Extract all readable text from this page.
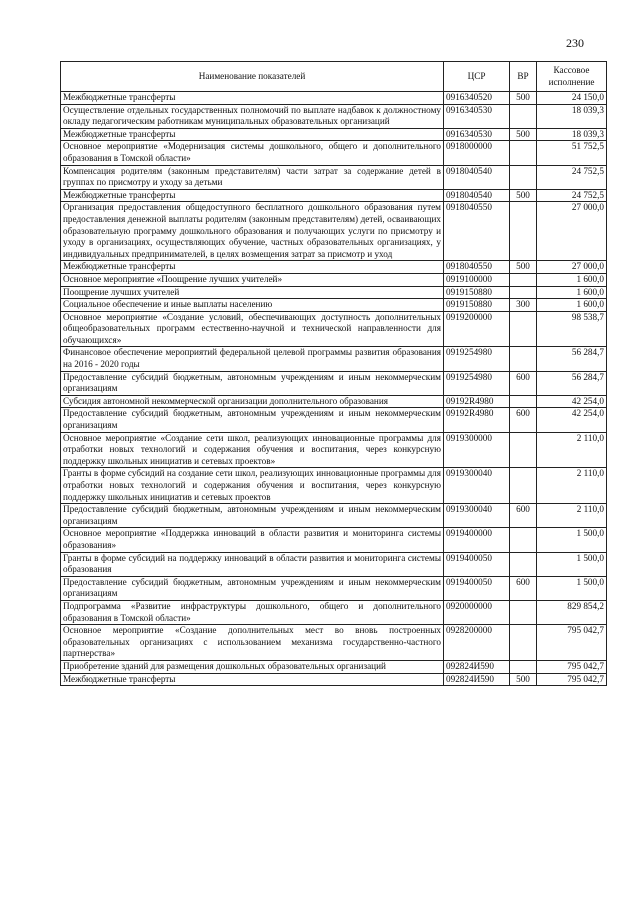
230
Наименование показателей	ЦСР	ВР	Кассовое исполнение
Межбюджетные трансферты	0916340520	500	24 150,0
Осуществление отдельных государственных полномочий по выплате надбавок к должностному окладу педагогическим работникам муниципальных образовательных организаций	0916340530		18 039,3
Межбюджетные трансферты	0916340530	500	18 039,3
Основное мероприятие «Модернизация системы дошкольного, общего и дополнительного образования в Томской области»	0918000000		51 752,5
Компенсация родителям (законным представителям) части затрат за содержание детей в группах по присмотру и уходу за детьми	0918040540		24 752,5
Межбюджетные трансферты	0918040540	500	24 752,5
Организация предоставления общедоступного бесплатного дошкольного образования путем предоставления денежной выплаты родителям (законным представителям) детей, осваивающих образовательную программу дошкольного образования и получающих услуги по присмотру и уходу в организациях, осуществляющих обучение, частных образовательных организациях, у индивидуальных предпринимателей, в целях возмещения затрат за присмотр и уход	0918040550		27 000,0
Межбюджетные трансферты	0918040550	500	27 000,0
Основное мероприятие «Поощрение лучших учителей»	0919100000		1 600,0
Поощрение лучших учителей	0919150880		1 600,0
Социальное обеспечение и иные выплаты населению	0919150880	300	1 600,0
Основное мероприятие «Создание условий, обеспечивающих доступность дополнительных общеобразовательных программ естественно-научной и технической направленности для обучающихся»	0919200000		98 538,7
Финансовое обеспечение мероприятий федеральной целевой программы развития образования на 2016 - 2020 годы	0919254980		56 284,7
Предоставление субсидий бюджетным, автономным учреждениям и иным некоммерческим организациям	0919254980	600	56 284,7
Субсидия автономной некоммерческой организации дополнительного образования	09192R4980		42 254,0
Предоставление субсидий бюджетным, автономным учреждениям и иным некоммерческим организациям	09192R4980	600	42 254,0
Основное мероприятие «Создание сети школ, реализующих инновационные программы для отработки новых технологий и содержания обучения и воспитания, через конкурсную поддержку школьных инициатив и сетевых проектов»	0919300000		2 110,0
Гранты в форме субсидий на создание сети школ, реализующих инновационные программы для отработки новых технологий и содержания обучения и воспитания, через конкурсную поддержку школьных инициатив и сетевых проектов	0919300040		2 110,0
Предоставление субсидий бюджетным, автономным учреждениям и иным некоммерческим организациям	0919300040	600	2 110,0
Основное мероприятие «Поддержка инноваций в области развития и мониторинга системы образования»	0919400000		1 500,0
Гранты в форме субсидий на поддержку инноваций в области развития и мониторинга системы образования	0919400050		1 500,0
Предоставление субсидий бюджетным, автономным учреждениям и иным некоммерческим организациям	0919400050	600	1 500,0
Подпрограмма «Развитие инфраструктуры дошкольного, общего и дополнительного образования в Томской области»	0920000000		829 854,2
Основное мероприятие «Создание дополнительных мест во вновь построенных образовательных организациях с использованием механизма государственно-частного партнерства»	0928200000		795 042,7
Приобретение зданий для размещения дошкольных образовательных организаций	092824И590		795 042,7
Межбюджетные трансферты	092824И590	500	795 042,7
